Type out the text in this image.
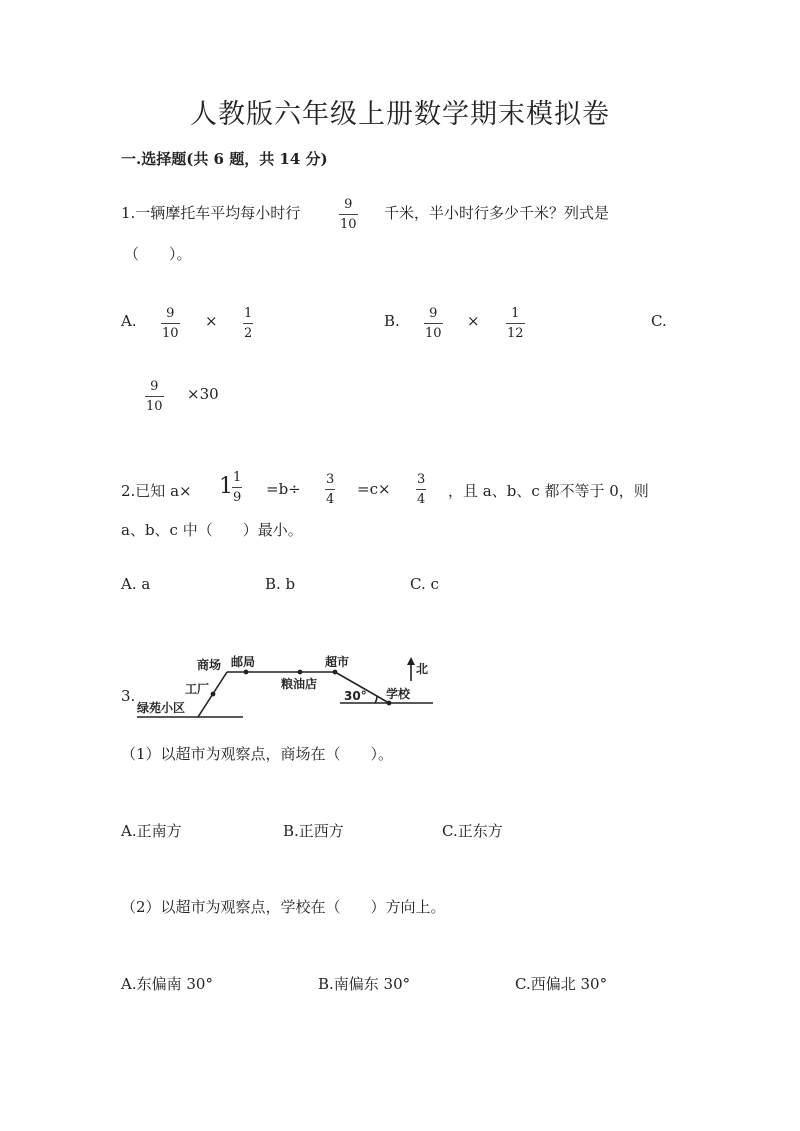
人教版六年级上册数学期末模拟卷
一.选择题(共 6 题，共 14 分)
1.一辆摩托车平均每小时行	9
10
千米，半小时行多少千米？列式是
（　　）。
A. 9
10
× 1
2
B. 9
10
× 1
12
C.
9
10
×30
2.已知 a× 1 1
9 =b÷
3
4
=c×
3
4 ，且 a、b、c 都不等于 0，则
a、b、c 中（　　）最小。
A. a	B. b	C. c
3.
商场 邮局	超市
工厂	粮油店
学校
绿苑小区
北
30°
（1）以超市为观察点，商场在（　　）。
A.正南方	B.正西方	C.正东方
（2）以超市为观察点，学校在（　　）方向上。
A.东偏南 30°	B.南偏东 30°	C.西偏北 30°
